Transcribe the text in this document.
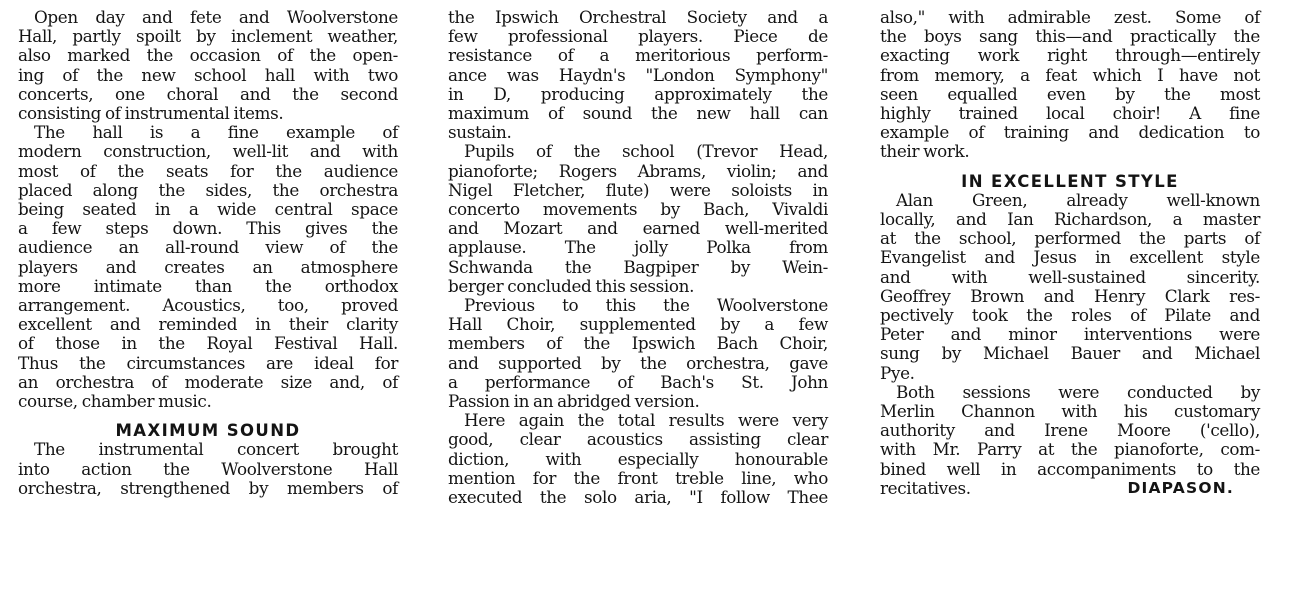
Open day and fete and Woolverstone
Hall, partly spoilt by inclement weather,
also marked the occasion of the open-
ing of the new school hall with two
concerts, one choral and the second
consisting of instrumental items.
The hall is a fine example of
modern construction, well-lit and with
most of the seats for the audience
placed along the sides, the orchestra
being seated in a wide central space
a few steps down. This gives the
audience an all-round view of the
players and creates an atmosphere
more intimate than the orthodox
arrangement. Acoustics, too, proved
excellent and reminded in their clarity
of those in the Royal Festival Hall.
Thus the circumstances are ideal for
an orchestra of moderate size and, of
course, chamber music.
MAXIMUM SOUND
The instrumental concert brought
into action the Woolverstone Hall
orchestra, strengthened by members of
the Ipswich Orchestral Society and a
few professional players. Piece de
resistance of a meritorious perform-
ance was Haydn's "London Symphony"
in D, producing approximately the
maximum of sound the new hall can
sustain.
Pupils of the school (Trevor Head,
pianoforte; Rogers Abrams, violin; and
Nigel Fletcher, flute) were soloists in
concerto movements by Bach, Vivaldi
and Mozart and earned well-merited
applause. The jolly Polka from
Schwanda the Bagpiper by Wein-
berger concluded this session.
Previous to this the Woolverstone
Hall Choir, supplemented by a few
members of the Ipswich Bach Choir,
and supported by the orchestra, gave
a performance of Bach's St. John
Passion in an abridged version.
Here again the total results were very
good, clear acoustics assisting clear
diction, with especially honourable
mention for the front treble line, who
executed the solo aria, "I follow Thee
also," with admirable zest. Some of
the boys sang this—and practically the
exacting work right through—entirely
from memory, a feat which I have not
seen equalled even by the most
highly trained local choir! A fine
example of training and dedication to
their work.
IN EXCELLENT STYLE
Alan Green, already well-known
locally, and Ian Richardson, a master
at the school, performed the parts of
Evangelist and Jesus in excellent style
and with well-sustained sincerity.
Geoffrey Brown and Henry Clark res-
pectively took the roles of Pilate and
Peter and minor interventions were
sung by Michael Bauer and Michael
Pye.
Both sessions were conducted by
Merlin Channon with his customary
authority and Irene Moore ('cello),
with Mr. Parry at the pianoforte, com-
bined well in accompaniments to the
recitatives.	DIAPASON.
